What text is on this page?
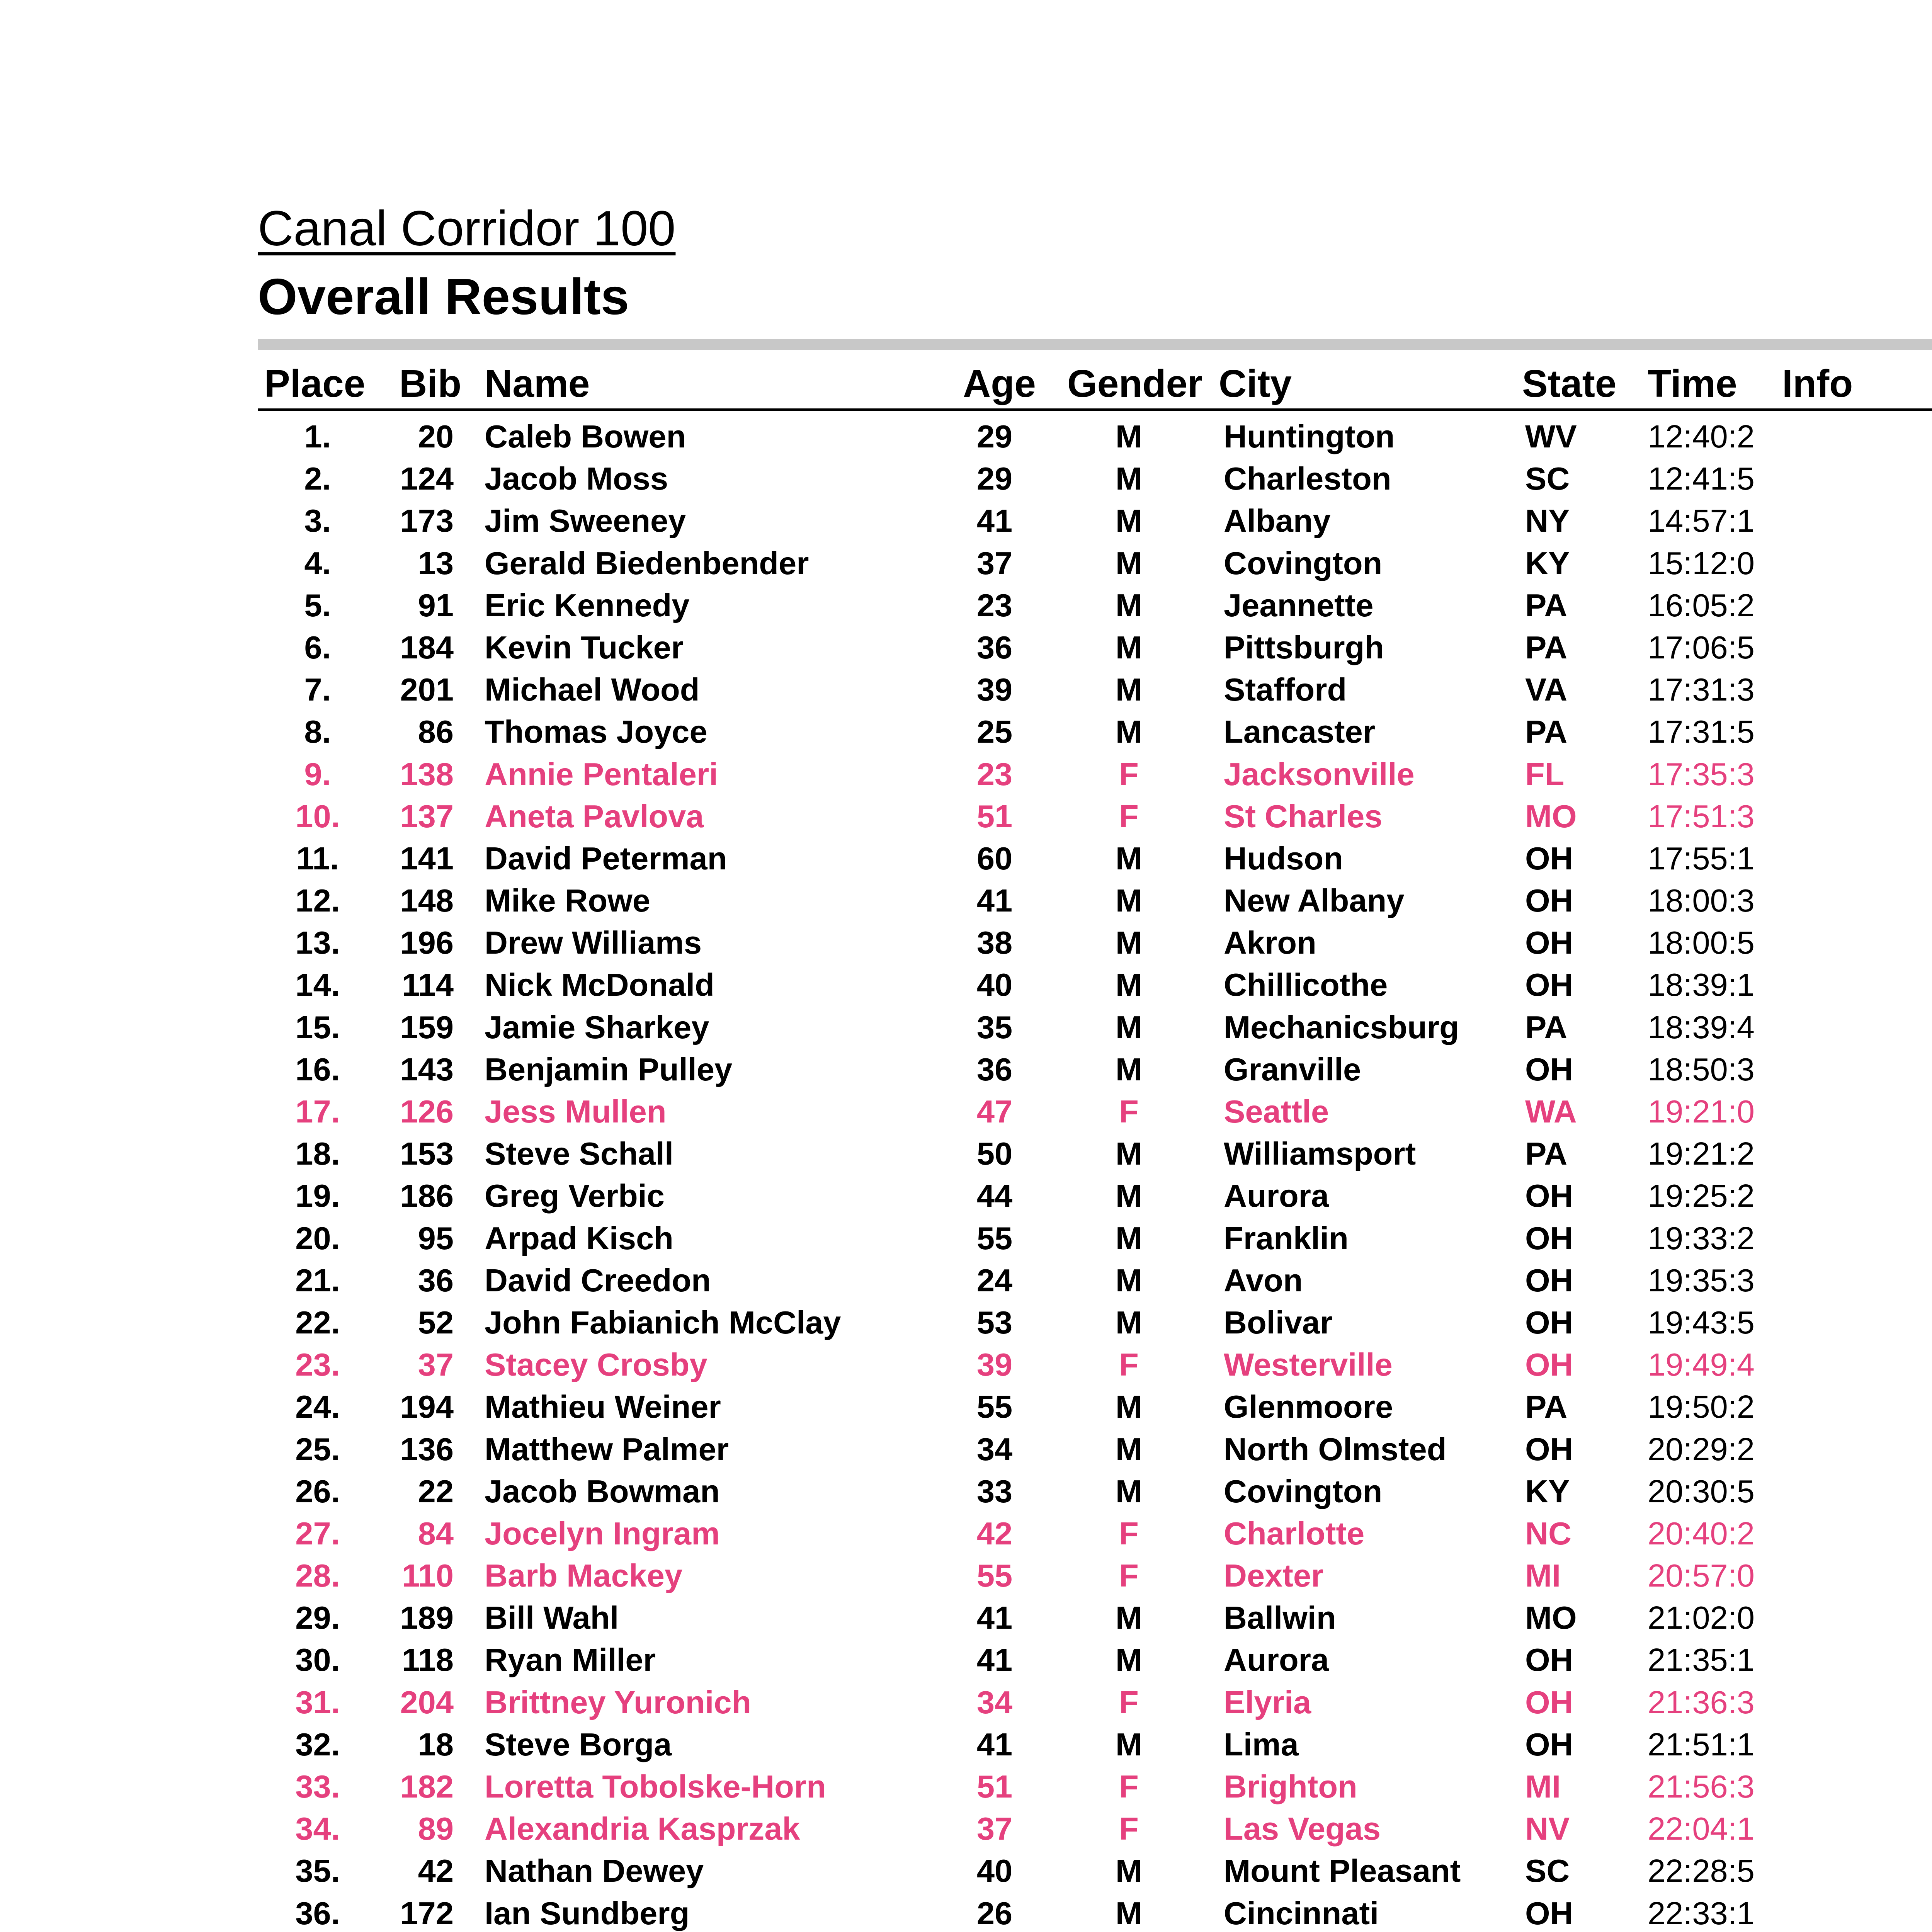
Canal Corridor 100
Overall Results
Place Bib Name	Age Gender City	State Time Info
1.	20 Caleb Bowen	29	M	Huntington	WV 12:40:2
2.	124 Jacob Moss	29	M	Charleston	SC 12:41:5
3.	173 Jim Sweeney	41	M	Albany	NY 14:57:1
4.	13 Gerald Biedenbender	37	M	Covington	KY 15:12:0
5.	91 Eric Kennedy	23	M	Jeannette	PA	16:05:2
6.	184 Kevin Tucker	36	M	Pittsburgh	PA	17:06:5
7.	201 Michael Wood	39	M	Stafford	VA	17:31:3
8.	86 Thomas Joyce	25	M	Lancaster	PA	17:31:5
9.	138 Annie Pentaleri	23	F	Jacksonville	FL	17:35:3
10.	137 Aneta Pavlova	51	F	St Charles	MO 17:51:3
11.	141 David Peterman	60	M	Hudson	OH 17:55:1
12.	148 Mike Rowe	41	M	New Albany	OH 18:00:3
13.	196 Drew Williams	38	M	Akron	OH 18:00:5
14.	114 Nick McDonald	40	M	Chillicothe	OH 18:39:1
15.	159 Jamie Sharkey	35	M	Mechanicsburg PA	18:39:4
16.	143 Benjamin Pulley	36	M	Granville	OH 18:50:3
17.	126 Jess Mullen	47	F	Seattle	WA 19:21:0
18.	153 Steve Schall	50	M	Williamsport	PA	19:21:2
19.	186 Greg Verbic	44	M	Aurora	OH 19:25:2
20.	95 Arpad Kisch	55	M	Franklin	OH 19:33:2
21.	36 David Creedon	24	M	Avon	OH 19:35:3
22.	52 John Fabianich McClay	53	M	Bolivar	OH 19:43:5
23.	37 Stacey Crosby	39	F	Westerville	OH 19:49:4
24.	194 Mathieu Weiner	55	M	Glenmoore	PA	19:50:2
25.	136 Matthew Palmer	34	M	North Olmsted OH 20:29:2
26.	22 Jacob Bowman	33	M	Covington	KY 20:30:5
27.	84 Jocelyn Ingram	42	F	Charlotte	NC 20:40:2
28.	110 Barb Mackey	55	F	Dexter	MI	20:57:0
29.	189 Bill Wahl	41	M	Ballwin	MO 21:02:0
30.	118 Ryan Miller	41	M	Aurora	OH 21:35:1
31.	204 Brittney Yuronich	34	F	Elyria	OH 21:36:3
32.	18 Steve Borga	41	M	Lima	OH 21:51:1
33.	182 Loretta Tobolske-Horn	51	F	Brighton	MI	21:56:3
34.	89 Alexandria Kasprzak	37	F	Las Vegas	NV 22:04:1
35.	42 Nathan Dewey	40	M	Mount Pleasant SC 22:28:5
36.	172 Ian Sundberg	26	M	Cincinnati	OH 22:33:1
